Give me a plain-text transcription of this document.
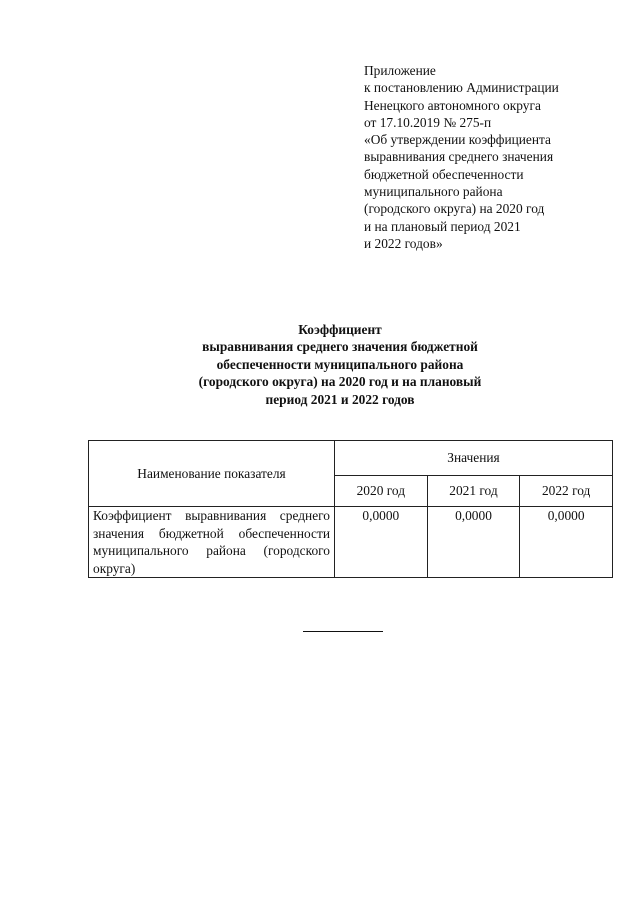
Приложение
к постановлению Администрации
Ненецкого автономного округа
от 17.10.2019 № 275-п
«Об утверждении коэффициента
выравнивания среднего значения
бюджетной обеспеченности
муниципального района
(городского округа) на 2020 год
и на плановый период 2021
и 2022 годов»
Коэффициент
выравнивания среднего значения бюджетной
обеспеченности муниципального района
(городского округа) на 2020 год и на плановый
период 2021 и 2022 годов
Наименование показателя	Значения		
	2020 год	2021 год	2022 год
Коэффициент выравнивания среднего значения бюджетной обеспеченности муниципального района (городского округа)	0,0000	0,0000	0,0000
